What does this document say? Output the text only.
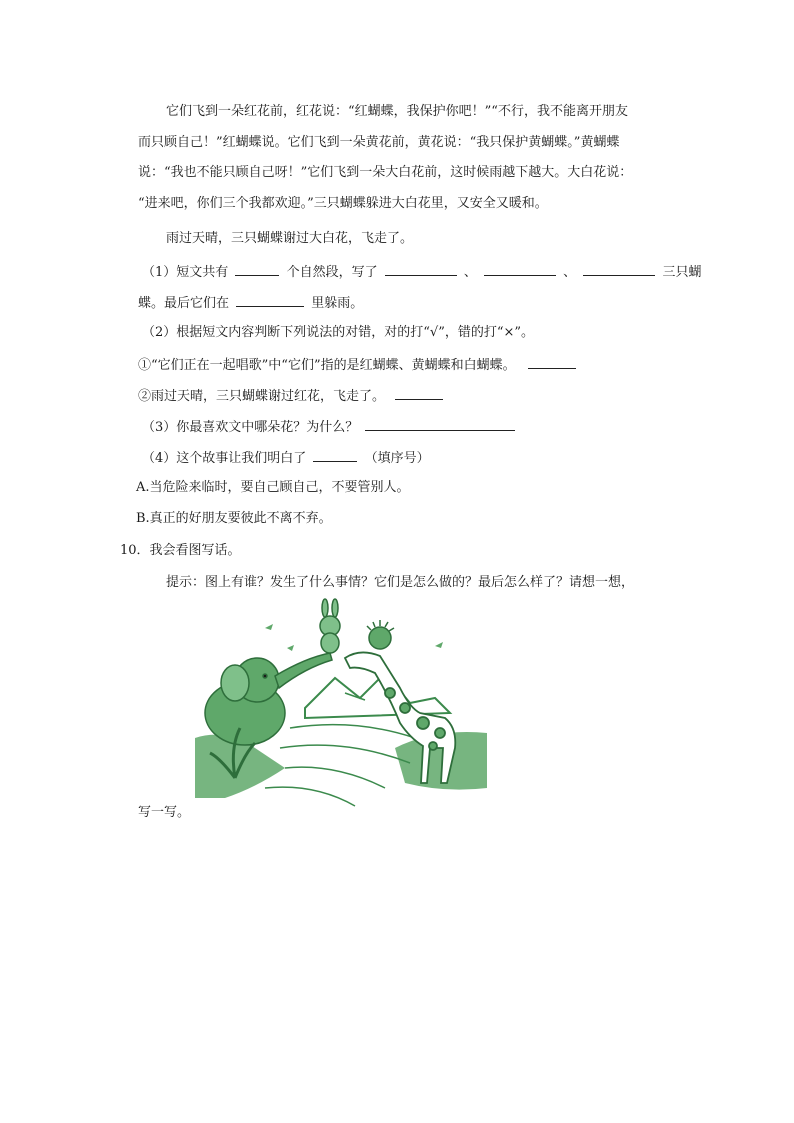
它们飞到一朵红花前，红花说：“红蝴蝶，我保护你吧！”“不行，我不能离开朋友
而只顾自己！”红蝴蝶说。它们飞到一朵黄花前，黄花说：“我只保护黄蝴蝶。”黄蝴蝶
说：“我也不能只顾自己呀！”它们飞到一朵大白花前，这时候雨越下越大。大白花说：
“进来吧，你们三个我都欢迎。”三只蝴蝶躲进大白花里，又安全又暖和。
雨过天晴，三只蝴蝶谢过大白花，飞走了。
（1）短文共有	个自然段，写了	、	、	三只蝴
蝶。最后它们在	里躲雨。
（2）根据短文内容判断下列说法的对错，对的打“√”，错的打“×”。
①“它们正在一起唱歌”中“它们”指的是红蝴蝶、黄蝴蝶和白蝴蝶。
②雨过天晴，三只蝴蝶谢过红花，飞走了。
（3）你最喜欢文中哪朵花？为什么？
（4）这个故事让我们明白了	（填序号）
A.当危险来临时，要自己顾自己，不要管别人。
B.真正的好朋友要彼此不离不弃。
10．我会看图写话。
提示：图上有谁？发生了什么事情？它们是怎么做的？最后怎么样了？请想一想，
写一写。
